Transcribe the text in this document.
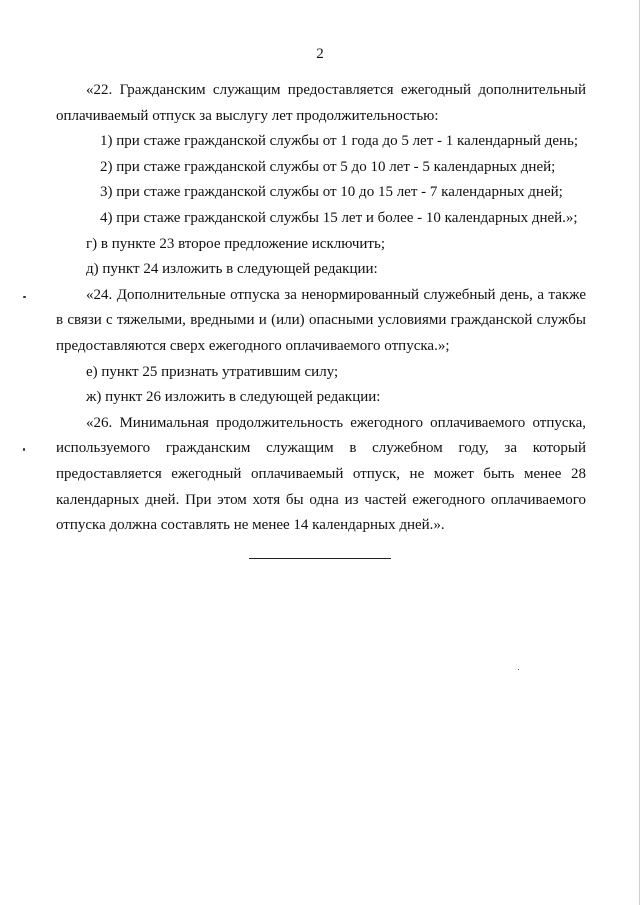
2
«22. Гражданским служащим предоставляется ежегодный дополнительный
оплачиваемый отпуск за выслугу лет продолжительностью:
1) при стаже гражданской службы от 1 года до 5 лет - 1 календарный день;
2) при стаже гражданской службы от 5 до 10 лет - 5 календарных дней;
3) при стаже гражданской службы от 10 до 15 лет - 7 календарных дней;
4) при стаже гражданской службы 15 лет и более - 10 календарных дней.»;
г) в пункте 23 второе предложение исключить;
д) пункт 24 изложить в следующей редакции:
«24. Дополнительные отпуска за ненормированный служебный день, а также
в связи с тяжелыми, вредными и (или) опасными условиями гражданской службы
предоставляются сверх ежегодного оплачиваемого отпуска.»;
е) пункт 25 признать утратившим силу;
ж) пункт 26 изложить в следующей редакции:
«26. Минимальная продолжительность ежегодного оплачиваемого отпуска,
используемого гражданским служащим в служебном году, за который
предоставляется ежегодный оплачиваемый отпуск, не может быть менее 28
календарных дней. При этом хотя бы одна из частей ежегодного оплачиваемого
отпуска должна составлять не менее 14 календарных дней.».
